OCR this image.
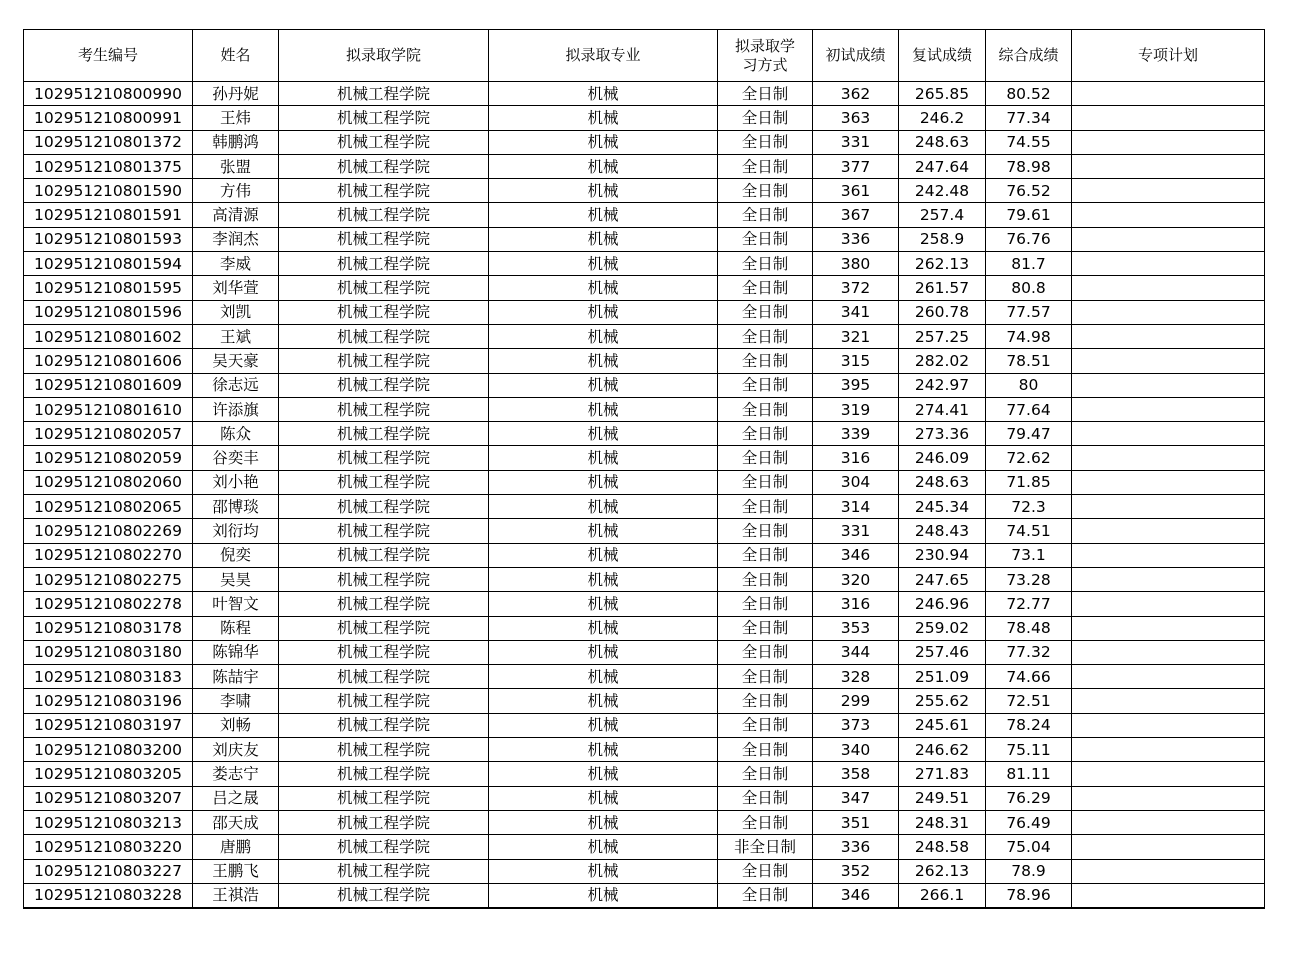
考生编号	姓名	拟录取学院	拟录取专业	拟录取学习方式	初试成绩	复试成绩	综合成绩	专项计划
102951210800990	孙丹妮	机械工程学院	机械	全日制	362	265.85	80.52	
102951210800991	王炜	机械工程学院	机械	全日制	363	246.2	77.34	
102951210801372	韩鹏鸿	机械工程学院	机械	全日制	331	248.63	74.55	
102951210801375	张盟	机械工程学院	机械	全日制	377	247.64	78.98	
102951210801590	方伟	机械工程学院	机械	全日制	361	242.48	76.52	
102951210801591	高清源	机械工程学院	机械	全日制	367	257.4	79.61	
102951210801593	李润杰	机械工程学院	机械	全日制	336	258.9	76.76	
102951210801594	李威	机械工程学院	机械	全日制	380	262.13	81.7	
102951210801595	刘华萱	机械工程学院	机械	全日制	372	261.57	80.8	
102951210801596	刘凯	机械工程学院	机械	全日制	341	260.78	77.57	
102951210801602	王斌	机械工程学院	机械	全日制	321	257.25	74.98	
102951210801606	吴天豪	机械工程学院	机械	全日制	315	282.02	78.51	
102951210801609	徐志远	机械工程学院	机械	全日制	395	242.97	80	
102951210801610	许添旗	机械工程学院	机械	全日制	319	274.41	77.64	
102951210802057	陈众	机械工程学院	机械	全日制	339	273.36	79.47	
102951210802059	谷奕丰	机械工程学院	机械	全日制	316	246.09	72.62	
102951210802060	刘小艳	机械工程学院	机械	全日制	304	248.63	71.85	
102951210802065	邵博琰	机械工程学院	机械	全日制	314	245.34	72.3	
102951210802269	刘衍均	机械工程学院	机械	全日制	331	248.43	74.51	
102951210802270	倪奕	机械工程学院	机械	全日制	346	230.94	73.1	
102951210802275	吴昊	机械工程学院	机械	全日制	320	247.65	73.28	
102951210802278	叶智文	机械工程学院	机械	全日制	316	246.96	72.77	
102951210803178	陈程	机械工程学院	机械	全日制	353	259.02	78.48	
102951210803180	陈锦华	机械工程学院	机械	全日制	344	257.46	77.32	
102951210803183	陈喆宇	机械工程学院	机械	全日制	328	251.09	74.66	
102951210803196	李啸	机械工程学院	机械	全日制	299	255.62	72.51	
102951210803197	刘畅	机械工程学院	机械	全日制	373	245.61	78.24	
102951210803200	刘庆友	机械工程学院	机械	全日制	340	246.62	75.11	
102951210803205	娄志宁	机械工程学院	机械	全日制	358	271.83	81.11	
102951210803207	吕之晟	机械工程学院	机械	全日制	347	249.51	76.29	
102951210803213	邵天成	机械工程学院	机械	全日制	351	248.31	76.49	
102951210803220	唐鹏	机械工程学院	机械	非全日制	336	248.58	75.04	
102951210803227	王鹏飞	机械工程学院	机械	全日制	352	262.13	78.9	
102951210803228	王祺浩	机械工程学院	机械	全日制	346	266.1	78.96	
